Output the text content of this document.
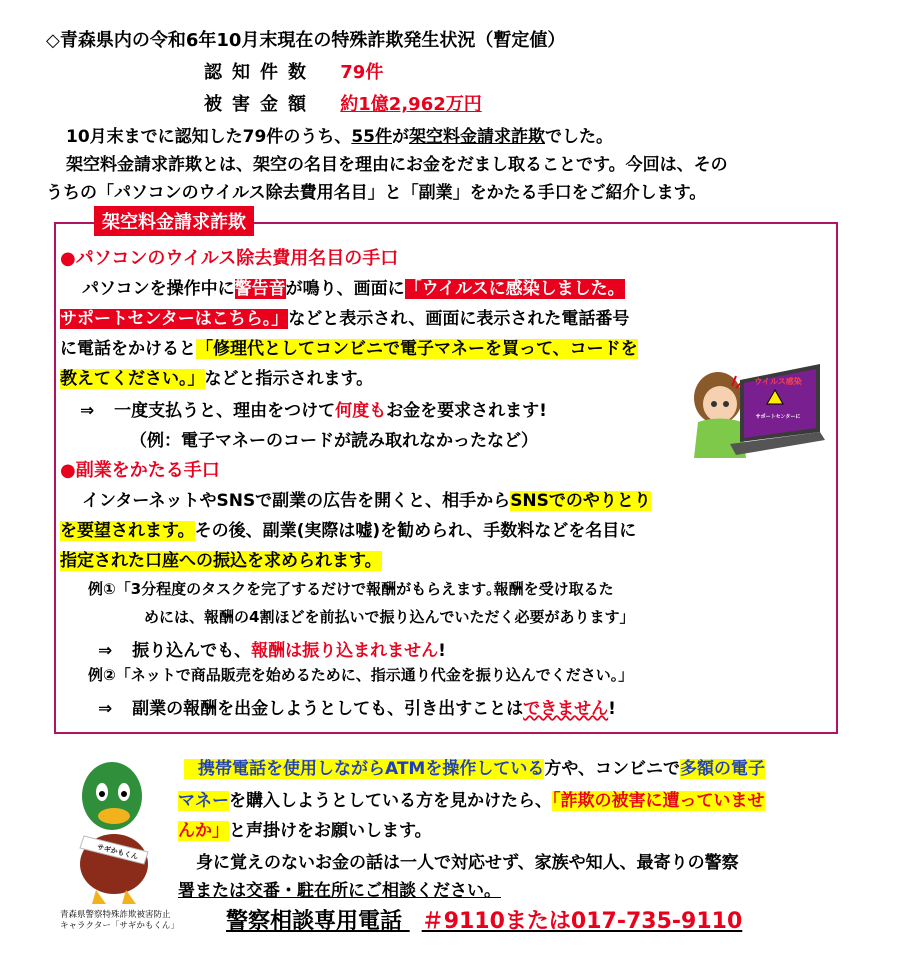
◇青森県内の令和6年10月末現在の特殊詐欺発生状況（暫定値）
認知件数 79件
被害金額 約1億2,962万円
10月末までに認知した79件のうち、55件が架空料金請求詐欺でした。
架空料金請求詐欺とは、架空の名目を理由にお金をだまし取ることです。今回は、その
うちの「パソコンのウイルス除去費用名目」と「副業」をかたる手口をご紹介します。
架空料金請求詐欺
●パソコンのウイルス除去費用名目の手口
パソコンを操作中に警告音が鳴り、画面に「ウイルスに感染しました。
サポートセンターはこちら。」などと表示され、画面に表示された電話番号
に電話をかけると「修理代としてコンビニで電子マネーを買って、コードを
教えてください。」などと指示されます。
⇒ 一度支払うと、理由をつけて何度もお金を要求されます!
（例：電子マネーのコードが読み取れなかったなど）
ウイルス感染
サポートセンターに
●副業をかたる手口
インターネットやSNSで副業の広告を開くと、相手からSNSでのやりとり
を要望されます。その後、副業(実際は嘘)を勧められ、手数料などを名目に
指定された口座への振込を求められます。
例①「3分程度のタスクを完了するだけで報酬がもらえます｡報酬を受け取るた
めには、報酬の4割ほどを前払いで振り込んでいただく必要があります」
⇒ 振り込んでも、報酬は振り込まれません!
例②「ネットで商品販売を始めるために、指示通り代金を振り込んでください。」
⇒ 副業の報酬を出金しようとしても、引き出すことはできません!
サギかもくん
青森県警察特殊詐欺被害防止
キャラクター「サギかもくん」
携帯電話を使用しながらATMを操作している方や、コンビニで多額の電子
マネーを購入しようとしている方を見かけたら、「詐欺の被害に遭っていませ
んか」と声掛けをお願いします。
身に覚えのないお金の話は一人で対応せず、家族や知人、最寄りの警察
署または交番・駐在所にご相談ください。
警察相談専用電話 ＃9110または017-735-9110
